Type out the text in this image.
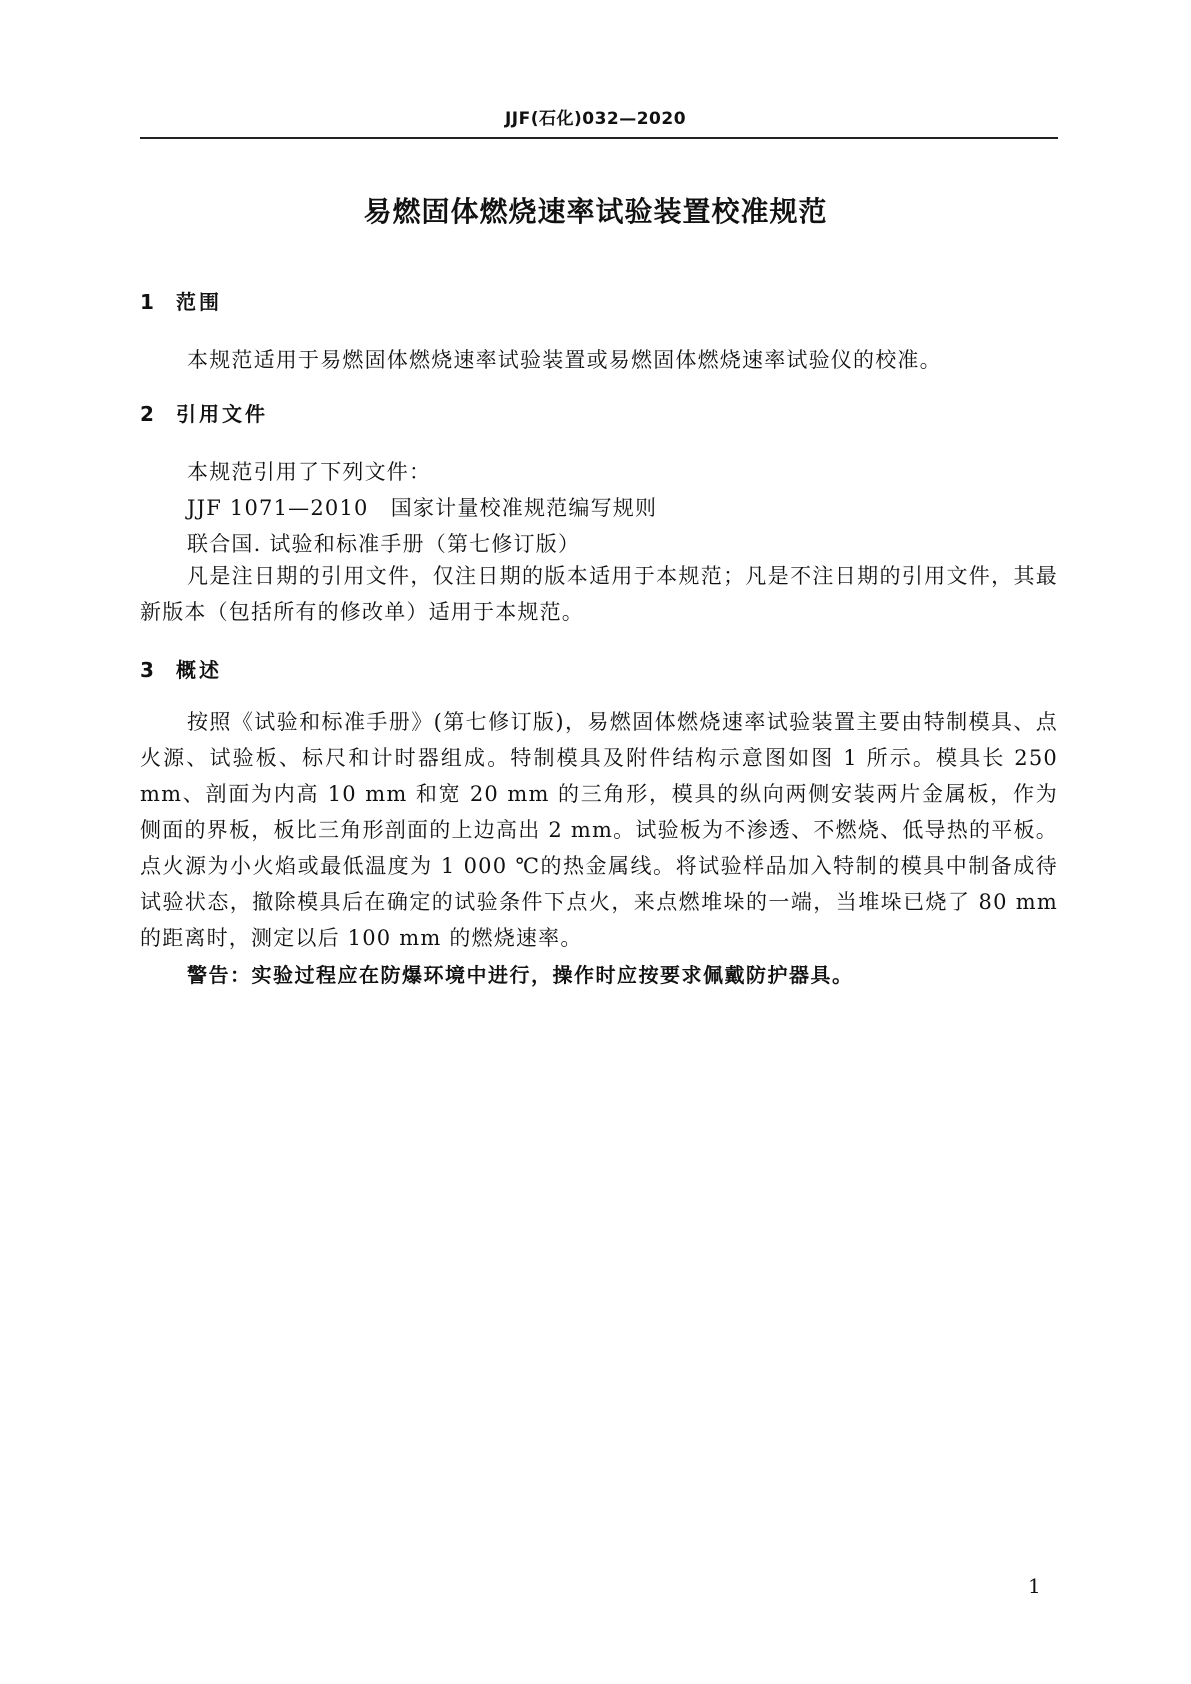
JJF(石化)032—2020
易燃固体燃烧速率试验装置校准规范
1	范围
本规范适用于易燃固体燃烧速率试验装置或易燃固体燃烧速率试验仪的校准。
2	引用文件
本规范引用了下列文件：
JJF 1071—2010　国家计量校准规范编写规则
联合国. 试验和标准手册（第七修订版）
凡是注日期的引用文件，仅注日期的版本适用于本规范；凡是不注日期的引用文件，其最新版本（包括所有的修改单）适用于本规范。
3	概述
按照《试验和标准手册》(第七修订版)，易燃固体燃烧速率试验装置主要由特制模具、点火源、试验板、标尺和计时器组成。特制模具及附件结构示意图如图 1 所示。模具长 250 mm、剖面为内高 10 mm 和宽 20 mm 的三角形，模具的纵向两侧安装两片金属板，作为侧面的界板，板比三角形剖面的上边高出 2 mm。试验板为不渗透、不燃烧、低导热的平板。点火源为小火焰或最低温度为 1 000 ℃的热金属线。将试验样品加入特制的模具中制备成待试验状态，撤除模具后在确定的试验条件下点火，来点燃堆垛的一端，当堆垛已烧了 80 mm 的距离时，测定以后 100 mm 的燃烧速率。
警告：实验过程应在防爆环境中进行，操作时应按要求佩戴防护器具。
1
